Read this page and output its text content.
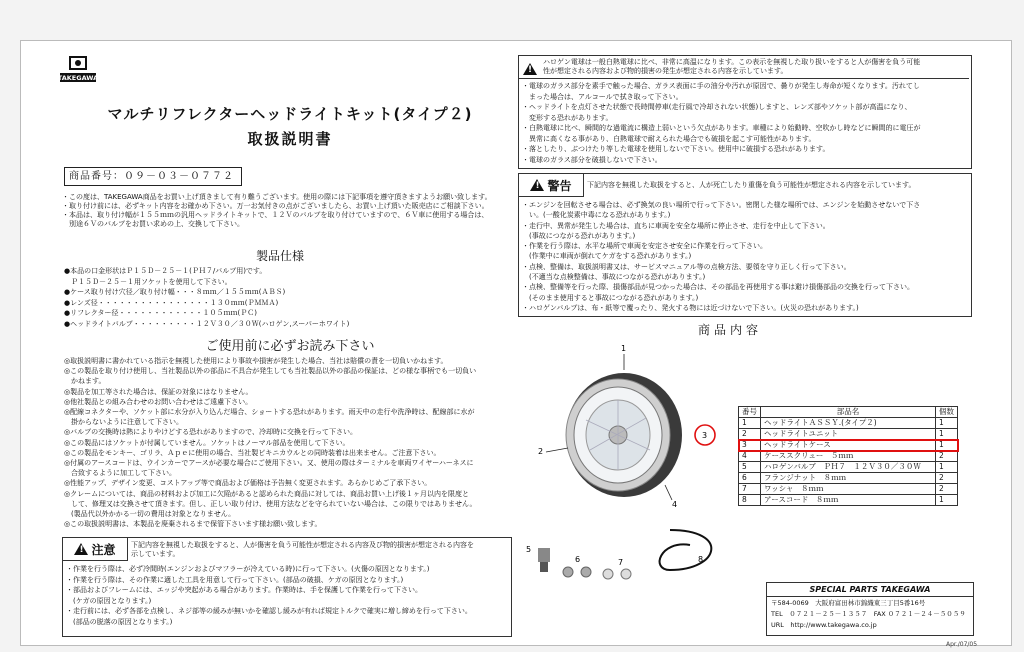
TAKEGAWA
マルチリフレクターヘッドライトキット(タイプ２)
取扱説明書
商品番号：０９－０３－０７７２
・この度は、TAKEGAWA商品をお買い上げ頂きまして有り難うございます。使用の際には下記事項を遵守頂きますようお願い致します。
・取り付け前には、必ずキット内容をお確かめ下さい。万一お気付きの点がございましたら、お買い上げ頂いた販売店にご相談下さい。
・本品は、取り付け幅が１５５ｍｍの汎用ヘッドライトキットで、１２Ｖのバルブを取り付けていますので、６Ｖ車に使用する場合は、
　別途６Ｖのバルブをお買い求めの上、交換して下さい。
製品仕様
●本品の口金形状はＰ１５Ｄ－２５－１(ＰＨ７/バルブ用)です。
　Ｐ１５Ｄ－２５－１用ソケットを使用して下さい。
●ケース取り付け穴径／取り付け幅・・・８ｍｍ／１５５ｍｍ(ＡＢＳ)
●レンズ径・・・・・・・・・・・・・・・・１３０ｍｍ(ＰＭＭＡ)
●リフレクター径・・・・・・・・・・・・１０５ｍｍ(ＰＣ)
●ヘッドライトバルブ・・・・・・・・・１２Ｖ３０／３０Ｗ(ハロゲン,スーパーホワイト)
ご使用前に必ずお読み下さい
◎取扱説明書に書かれている指示を無視した使用により事故や損害が発生した場合、当社は賠償の責を一切負いかねます。
◎この製品を取り付け使用し、当社製品以外の部品に不具合が発生しても当社製品以外の部品の保証は、どの様な事柄でも一切負い
　かねます。
◎製品を加工等された場合は、保証の対象にはなりません。
◎他社製品との組み合わせのお問い合わせはご遠慮下さい。
◎配線コネクターや、ソケット部に水分が入り込んだ場合、ショートする恐れがあります。雨天中の走行や洗浄時は、配線部に水が
　掛からないように注意して下さい。
◎バルブの交換時は熱によりやけどする恐れがありますので、冷却時に交換を行って下さい。
◎この製品にはソケットが付属していません。ソケットはノーマル部品を使用して下さい。
◎この製品をモンキー、ゴリラ、Ａｐｅに使用の場合、当社製ビキニカウルとの同時装着は出来ません。ご注意下さい。
◎付属のアースコードは、ウインカーでアースが必要な場合にご使用下さい。又、使用の際はターミナルを車両ワイヤーハーネスに
　合致するように加工して下さい。
◎性能アップ、デザイン変更、コストアップ等で商品および価格は予告無く変更されます。あらかじめご了承下さい。
◎クレームについては、商品の材料および加工に欠陥があると認められた商品に対しては、商品お買い上げ後１ヶ月以内を限度と
　して、修理又は交換させて頂きます。但し、正しい取り付け、使用方法などを守られていない場合は、この限りではありません。
　(製品代以外かかる一切の費用は対象となりません。
◎この取扱説明書は、本製品を廃棄されるまで保管下さいます様お願い致します。
! 注意 下記内容を無視した取扱をすると、人が傷害を負う可能性が想定される内容及び物的損害が想定される内容を
示しています。
・作業を行う際は、必ず冷間時(エンジンおよびマフラーが冷えている時)に行って下さい。(火傷の原因となります。)
・作業を行う際は、その作業に適した工具を用意して行って下さい。(部品の破損、ケガの原因となります。)
・部品およびフレームには、エッジや突起がある場合があります。作業時は、手を保護して作業を行って下さい。
　(ケガの原因となります。)
・走行前には、必ず各部を点検し、ネジ部等の緩みが無いかを確認し緩みが有れば規定トルクで確実に増し締めを行って下さい。
　(部品の脱落の原因となります。)
!
ハロゲン電球は一般白熱電球に比べ、非常に高温になります。この表示を無視した取り扱いをすると人が傷害を負う可能
性が想定される内容および物的損害の発生が想定される内容を示しています。
・電球のガラス部分を素手で触った場合、ガラス表面に手の油分や汚れが原因で、曇りが発生し寿命が短くなります。汚れてし
　まった場合は、アルコールで拭き取って下さい。
・ヘッドライトを点灯させた状態で長時間停車(走行風で冷却されない状態)しますと、レンズ部やソケット部が高温になり、
　変形する恐れがあります。
・白熱電球に比べ、瞬間的な過電流に構造上弱いという欠点があります。車種により始動時、空吹かし時などに瞬間的に電圧が
　異常に高くなる事があり、白熱電球で耐えられた場合でも破損を起こす可能性があります。
・落としたり、ぶつけたり等した電球を使用しないで下さい。使用中に破損する恐れがあります。
・電球のガラス部分を破損しないで下さい。
! 警告 下記内容を無視した取扱をすると、人が死亡したり重傷を負う可能性が想定される内容を示しています。
・エンジンを回転させる場合は、必ず換気の良い場所で行って下さい。密閉した様な場所では、エンジンを始動させないで下さ
　い。(一酸化炭素中毒になる恐れがあります。)
・走行中、異常が発生した場合は、直ちに車両を安全な場所に停止させ、走行を中止して下さい。
　(事故につながる恐れがあります。)
・作業を行う際は、水平な場所で車両を安定させ安全に作業を行って下さい。
　(作業中に車両が倒れてケガをする恐れがあります。)
・点検、整備は、取扱説明書又は、サービスマニュアル等の点検方法、要領を守り正しく行って下さい。
　(不適当な点検整備は、事故につながる恐れがあります。)
・点検、整備等を行った際、損傷部品が見つかった場合は、その部品を再使用する事は避け損傷部品の交換を行って下さい。
　(そのまま使用すると事故につながる恐れがあります。)
・ハロゲンバルブは、布・紙等で覆ったり、発火する物には近づけないで下さい。(火災の恐れがあります。)
商品内容
1
2
3
4
5
6	7	8
番号	部品名	個数
1	ヘッドライトＡＳＳＹ.(タイプ２)	1
2	ヘッドライトユニット	1
3	ヘッドライトケース	1
4	ケーススクリュー　５ｍｍ	2
5	ハロゲンバルブ　ＰＨ７　１２Ｖ３０／３０Ｗ	1
6	フランジナット　８ｍｍ	2
7	ワッシャ　８ｍｍ	2
8	アースコード　８ｍｍ	1
SPECIAL PARTS TAKEGAWA
〒584-0069　大阪府富田林市錦織東三丁目5番16号
TEL　０７２１－２５－１３５７　FAX ０７２１－２４－５０５９
URL　http://www.takegawa.co.jp
Apr./07/05
